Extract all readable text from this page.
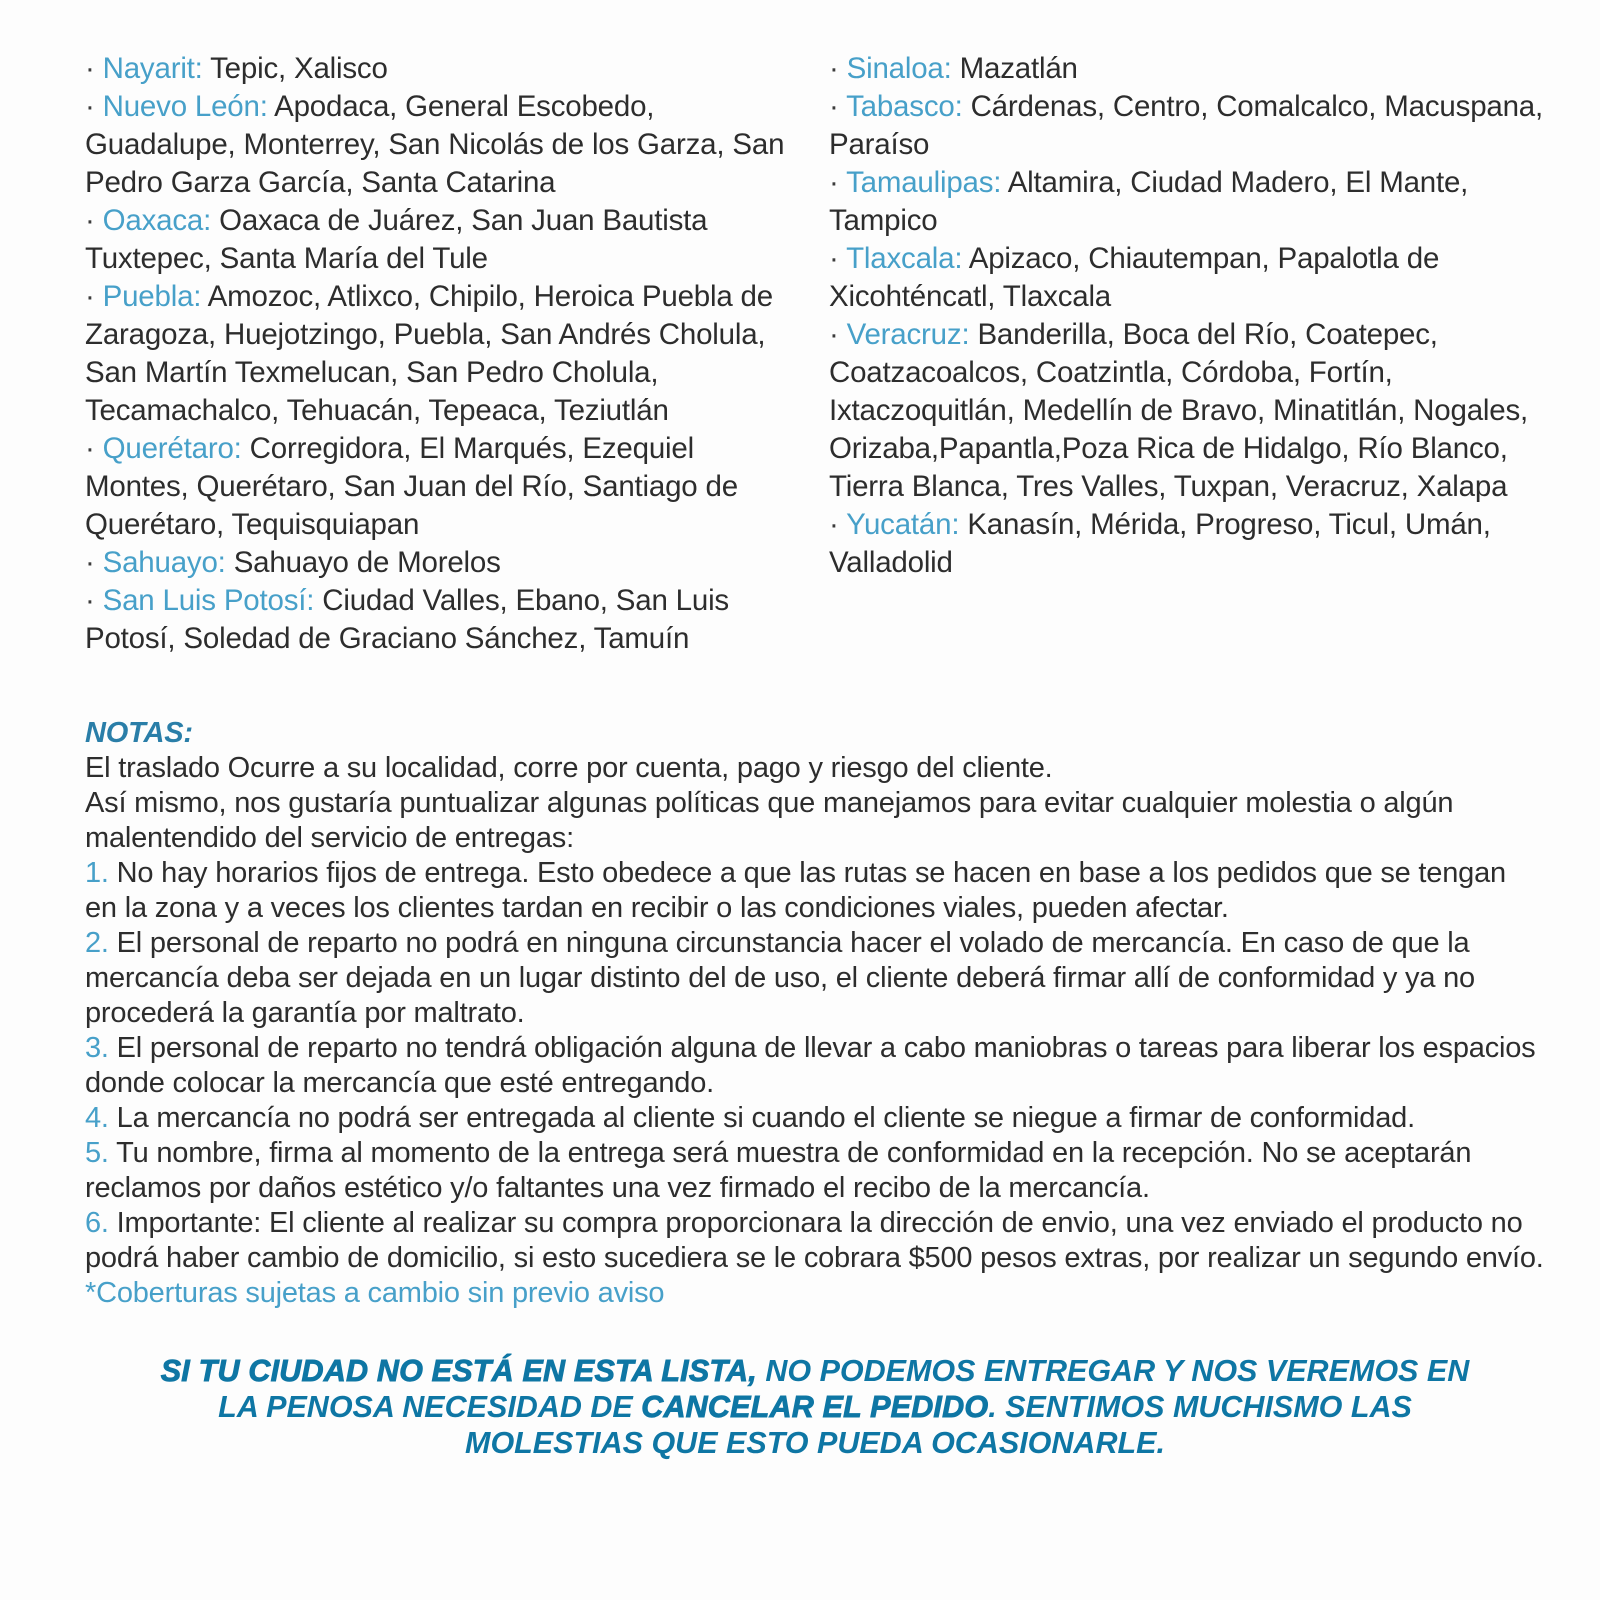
· Nayarit: Tepic, Xalisco

· Nuevo León: Apodaca, General Escobedo, Guadalupe, Monterrey, San Nicolás de los Garza, San Pedro Garza García, Santa Catarina

· Oaxaca: Oaxaca de Juárez, San Juan Bautista Tuxtepec, Santa María del Tule

· Puebla: Amozoc, Atlixco, Chipilo, Heroica Puebla de Zaragoza, Huejotzingo, Puebla, San Andrés Cholula, San Martín Texmelucan, San Pedro Cholula, Tecamachalco, Tehuacán, Tepeaca, Teziutlán

· Querétaro: Corregidora, El Marqués, Ezequiel Montes, Querétaro, San Juan del Río, Santiago de Querétaro, Tequisquiapan

· Sahuayo: Sahuayo de Morelos

· San Luis Potosí: Ciudad Valles, Ebano, San Luis Potosí, Soledad de Graciano Sánchez, Tamuín

· Sinaloa: Mazatlán

· Tabasco: Cárdenas, Centro, Comalcalco, Macuspana, Paraíso

· Tamaulipas: Altamira, Ciudad Madero, El Mante, Tampico

· Tlaxcala: Apizaco, Chiautempan, Papalotla de Xicohténcatl, Tlaxcala

· Veracruz: Banderilla, Boca del Río, Coatepec, Coatzacoalcos, Coatzintla, Córdoba, Fortín, Ixtaczoquitlán, Medellín de Bravo, Minatitlán, Nogales, Orizaba,Papantla,Poza Rica de Hidalgo, Río Blanco, Tierra Blanca, Tres Valles, Tuxpan, Veracruz, Xalapa

· Yucatán: Kanasín, Mérida, Progreso, Ticul, Umán, Valladolid

NOTAS:

El traslado Ocurre a su localidad, corre por cuenta, pago y riesgo del cliente.

Así mismo, nos gustaría puntualizar algunas políticas que manejamos para evitar cualquier molestia o algún malentendido del servicio de entregas:

1. No hay horarios fijos de entrega. Esto obedece a que las rutas se hacen en base a los pedidos que se tengan en la zona y a veces los clientes tardan en recibir o las condiciones viales, pueden afectar.

2. El personal de reparto no podrá en ninguna circunstancia hacer el volado de mercancía. En caso de que la mercancía deba ser dejada en un lugar distinto del de uso, el cliente deberá firmar allí de conformidad y ya no procederá la garantía por maltrato.

3. El personal de reparto no tendrá obligación alguna de llevar a cabo maniobras o tareas para liberar los espacios donde colocar la mercancía que esté entregando.

4. La mercancía no podrá ser entregada al cliente si cuando el cliente se niegue a firmar de conformidad.

5. Tu nombre, firma al momento de la entrega será muestra de conformidad en la recepción. No se aceptarán reclamos por daños estético y/o faltantes una vez firmado el recibo de la mercancía.

6. Importante: El cliente al realizar su compra proporcionara la dirección de envio, una vez enviado el producto no podrá haber cambio de domicilio, si esto sucediera se le cobrara $500 pesos extras, por realizar un segundo envío.

*Coberturas sujetas a cambio sin previo aviso

SI TU CIUDAD NO ESTÁ EN ESTA LISTA, NO PODEMOS ENTREGAR Y NOS VEREMOS EN LA PENOSA NECESIDAD DE CANCELAR EL PEDIDO. SENTIMOS MUCHISMO LAS MOLESTIAS QUE ESTO PUEDA OCASIONARLE.
